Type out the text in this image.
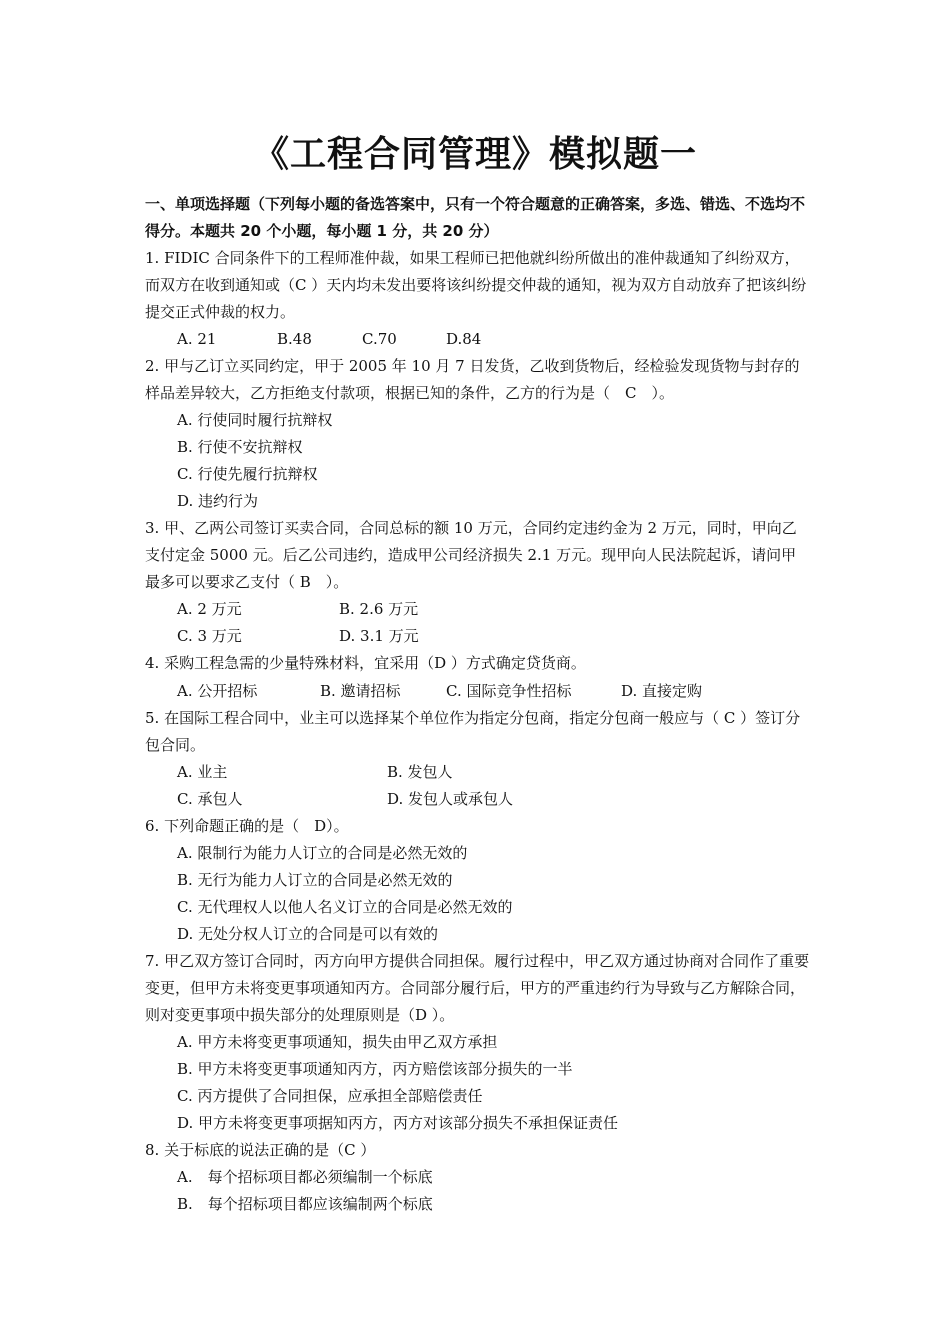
《工程合同管理》模拟题一

一、单项选择题（下列每小题的备选答案中，只有一个符合题意的正确答案，多选、错选、不选均不得分。本题共 20 个小题，每小题 1 分，共 20 分）

1. FIDIC 合同条件下的工程师准仲裁，如果工程师已把他就纠纷所做出的准仲裁通知了纠纷双方，而双方在收到通知或（C ）天内均未发出要将该纠纷提交仲裁的通知，视为双方自动放弃了把该纠纷提交正式仲裁的权力。

A. 21	B.48	C.70	D.84

2. 甲与乙订立买同约定，甲于 2005 年 10 月 7 日发货，乙收到货物后，经检验发现货物与封存的样品差异较大，乙方拒绝支付款项，根据已知的条件，乙方的行为是（　C　）。

A. 行使同时履行抗辩权
B. 行使不安抗辩权
C. 行使先履行抗辩权
D. 违约行为

3. 甲、乙两公司签订买卖合同，合同总标的额 10 万元，合同约定违约金为 2 万元，同时，甲向乙支付定金 5000 元。后乙公司违约，造成甲公司经济损失 2.1 万元。现甲向人民法院起诉，请问甲最多可以要求乙支付（ B　）。

A. 2 万元	B. 2.6 万元
C. 3 万元	D. 3.1 万元

4. 采购工程急需的少量特殊材料，宜采用（D ）方式确定贷货商。

A. 公开招标	B. 邀请招标	C. 国际竞争性招标	D. 直接定购

5. 在国际工程合同中，业主可以选择某个单位作为指定分包商，指定分包商一般应与（ C ）签订分包合同。

A. 业主	B. 发包人
C. 承包人	D. 发包人或承包人

6. 下列命题正确的是（　D）。

A. 限制行为能力人订立的合同是必然无效的
B. 无行为能力人订立的合同是必然无效的
C. 无代理权人以他人名义订立的合同是必然无效的
D. 无处分权人订立的合同是可以有效的

7. 甲乙双方签订合同时，丙方向甲方提供合同担保。履行过程中，甲乙双方通过协商对合同作了重要变更，但甲方未将变更事项通知丙方。合同部分履行后，甲方的严重违约行为导致与乙方解除合同，则对变更事项中损失部分的处理原则是（D ）。

A. 甲方未将变更事项通知，损失由甲乙双方承担
B. 甲方未将变更事项通知丙方，丙方赔偿该部分损失的一半
C. 丙方提供了合同担保，应承担全部赔偿责任
D. 甲方未将变更事项据知丙方，丙方对该部分损失不承担保证责任

8. 关于标底的说法正确的是（C ）

A.　每个招标项目都必须编制一个标底
B.　每个招标项目都应该编制两个标底
